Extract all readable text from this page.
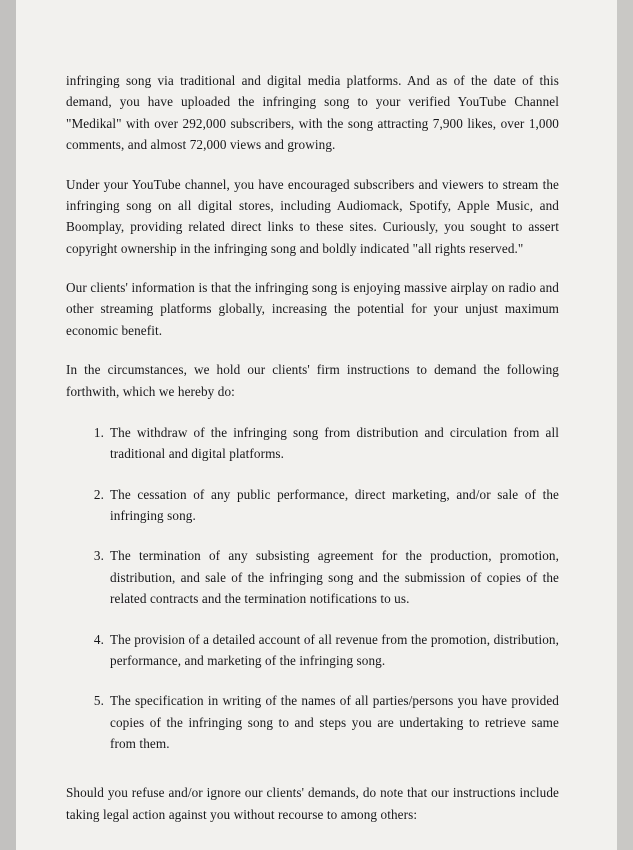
infringing song via traditional and digital media platforms. And as of the date of this demand, you have uploaded the infringing song to your verified YouTube Channel "Medikal" with over 292,000 subscribers, with the song attracting 7,900 likes, over 1,000 comments, and almost 72,000 views and growing.

Under your YouTube channel, you have encouraged subscribers and viewers to stream the infringing song on all digital stores, including Audiomack, Spotify, Apple Music, and Boomplay, providing related direct links to these sites. Curiously, you sought to assert copyright ownership in the infringing song and boldly indicated "all rights reserved."

Our clients' information is that the infringing song is enjoying massive airplay on radio and other streaming platforms globally, increasing the potential for your unjust maximum economic benefit.

In the circumstances, we hold our clients' firm instructions to demand the following forthwith, which we hereby do:

1. The withdraw of the infringing song from distribution and circulation from all traditional and digital platforms.
2. The cessation of any public performance, direct marketing, and/or sale of the infringing song.
3. The termination of any subsisting agreement for the production, promotion, distribution, and sale of the infringing song and the submission of copies of the related contracts and the termination notifications to us.
4. The provision of a detailed account of all revenue from the promotion, distribution, performance, and marketing of the infringing song.
5. The specification in writing of the names of all parties/persons you have provided copies of the infringing song to and steps you are undertaking to retrieve same from them.

Should you refuse and/or ignore our clients' demands, do note that our instructions include taking legal action against you without recourse to among others:
